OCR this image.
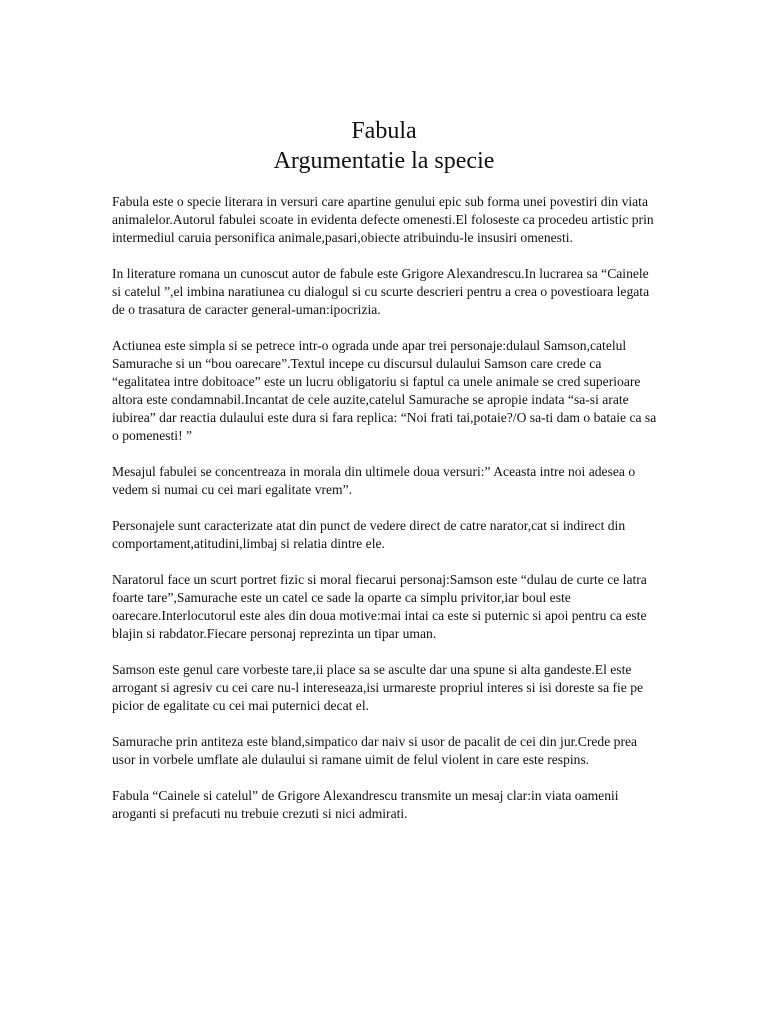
Fabula
Argumentatie la specie

Fabula este o specie literara in versuri care apartine genului epic sub forma unei povestiri din viata animalelor.Autorul fabulei scoate in evidenta defecte omenesti.El foloseste ca procedeu artistic prin intermediul caruia personifica animale,pasari,obiecte atribuindu-le insusiri omenesti.

In literature romana un cunoscut autor de fabule este Grigore Alexandrescu.In lucrarea sa “Cainele si catelul ”,el imbina naratiunea cu dialogul si cu scurte descrieri pentru a crea o povestioara legata de o trasatura de caracter general-uman:ipocrizia.

Actiunea este simpla si se petrece intr-o ograda unde apar trei personaje:dulaul Samson,catelul Samurache si un “bou oarecare”.Textul incepe cu discursul dulaului Samson care crede ca “egalitatea intre dobitoace” este un lucru obligatoriu si faptul ca unele animale se cred superioare altora este condamnabil.Incantat de cele auzite,catelul Samurache se apropie indata “sa-si arate iubirea” dar reactia dulaului este dura si fara replica: “Noi frati tai,potaie?/O sa-ti dam o bataie ca sa o pomenesti! ”

Mesajul fabulei se concentreaza in morala din ultimele doua versuri:” Aceasta intre noi adesea o vedem si numai cu cei mari egalitate vrem”.

Personajele sunt caracterizate atat din punct de vedere direct de catre narator,cat si indirect din comportament,atitudini,limbaj si relatia dintre ele.

Naratorul face un scurt portret fizic si moral fiecarui personaj:Samson este “dulau de curte ce latra foarte tare”,Samurache este un catel ce sade la oparte ca simplu privitor,iar boul este oarecare.Interlocutorul este ales din doua motive:mai intai ca este si puternic si apoi pentru ca este blajin si rabdator.Fiecare personaj reprezinta un tipar uman.

Samson este genul care vorbeste tare,ii place sa se asculte dar una spune si alta gandeste.El este arrogant si agresiv cu cei care nu-l intereseaza,isi urmareste propriul interes si isi doreste sa fie pe picior de egalitate cu cei mai puternici decat el.

Samurache prin antiteza este bland,simpatico dar naiv si usor de pacalit de cei din jur.Crede prea usor in vorbele umflate ale dulaului si ramane uimit de felul violent in care este respins.

Fabula “Cainele si catelul” de Grigore Alexandrescu transmite un mesaj clar:in viata oamenii aroganti si prefacuti nu trebuie crezuti si nici admirati.
